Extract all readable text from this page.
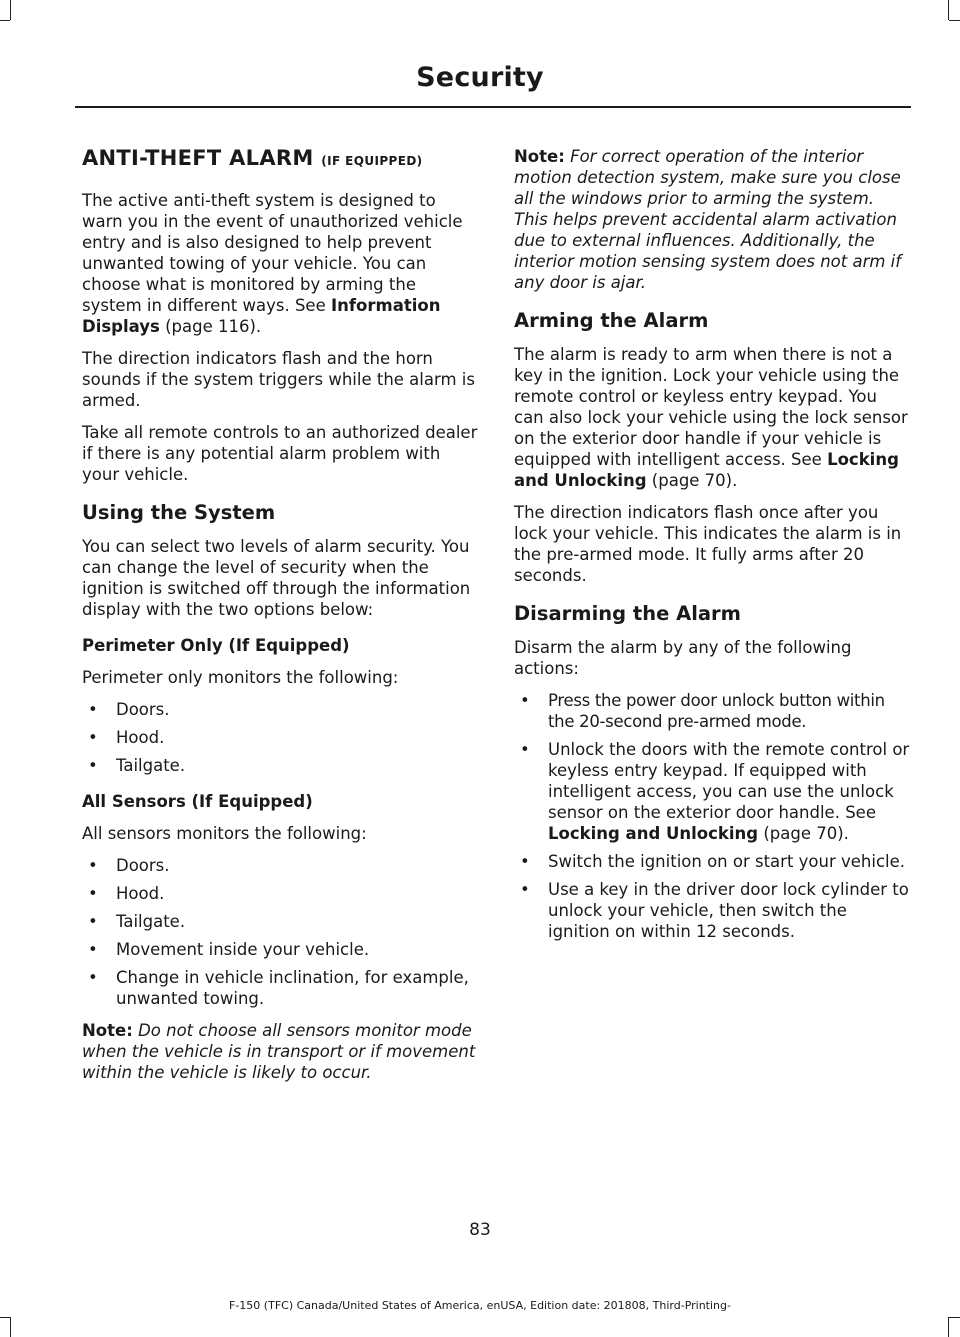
Security
ANTI-THEFT ALARM (IF EQUIPPED)

The active anti-theft system is designed to warn you in the event of unauthorized vehicle entry and is also designed to help prevent unwanted towing of your vehicle. You can choose what is monitored by arming the system in different ways. See Information Displays (page 116).

The direction indicators flash and the horn sounds if the system triggers while the alarm is armed.

Take all remote controls to an authorized dealer if there is any potential alarm problem with your vehicle.

Using the System

You can select two levels of alarm security. You can change the level of security when the ignition is switched off through the information display with the two options below:

Perimeter Only (If Equipped)

Perimeter only monitors the following:

• Doors.
• Hood.
• Tailgate.
All Sensors (If Equipped)

All sensors monitors the following:

• Doors.
• Hood.
• Tailgate.
• Movement inside your vehicle.
• Change in vehicle inclination, for example, unwanted towing.

Note: Do not choose all sensors monitor mode when the vehicle is in transport or if movement within the vehicle is likely to occur.

Note: For correct operation of the interior motion detection system, make sure you close all the windows prior to arming the system. This helps prevent accidental alarm activation due to external influences. Additionally, the interior motion sensing system does not arm if any door is ajar.

Arming the Alarm

The alarm is ready to arm when there is not a key in the ignition. Lock your vehicle using the remote control or keyless entry keypad. You can also lock your vehicle using the lock sensor on the exterior door handle if your vehicle is equipped with intelligent access. See Locking and Unlocking (page 70).

The direction indicators flash once after you lock your vehicle. This indicates the alarm is in the pre-armed mode. It fully arms after 20 seconds.

Disarming the Alarm

Disarm the alarm by any of the following actions:

• Press the power door unlock button within the 20-second pre-armed mode.
• Unlock the doors with the remote control or keyless entry keypad. If equipped with intelligent access, you can use the unlock sensor on the exterior door handle. See Locking and Unlocking (page 70).
• Switch the ignition on or start your vehicle.
• Use a key in the driver door lock cylinder to unlock your vehicle, then switch the ignition on within 12 seconds.
83
F-150 (TFC) Canada/United States of America, enUSA, Edition date: 201808, Third-Printing-
